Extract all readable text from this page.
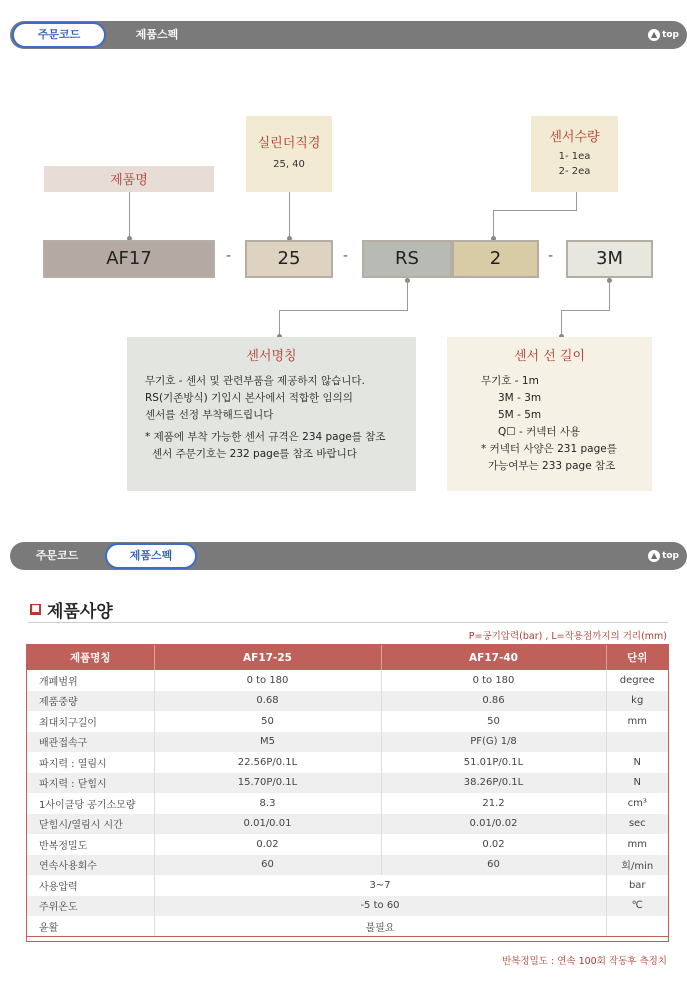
주문코드	제품스펙	▲ top
제품명
실린더직경
25, 40
센서수량
1- 1ea
2- 2ea
AF17	-	25	-	RS	2	-	3M
센서명칭
무기호 - 센서 및 관련부품을 제공하지 않습니다.
RS(기존방식) 기입시 본사에서 적합한 임의의
센서를 선정 부착해드립니다
* 제품에 부착 가능한 센서 규격은 234 page를 참조
센서 주문기호는 232 page를 참조 바랍니다
센서 선 길이
무기호 - 1m
3M - 3m
5M - 5m
Q☐ - 커넥터 사용
* 커넥터 사양은 231 page를
가능여부는 233 page 참조
주문코드	제품스펙	▲ top
■ 제품사양
P=공기압력(bar) , L=작용점까지의 거리(mm)
제품명칭	AF17-25	AF17-40	단위
개폐범위	0 to 180	0 to 180	degree
제품중량	0.68	0.86	kg
최대치구길이	50	50	mm
배관접속구	M5	PF(G) 1/8	
파지력 : 열림시	22.56P/0.1L	51.01P/0.1L	N
파지력 : 닫힘시	15.70P/0.1L	38.26P/0.1L	N
1사이클당 공기소모량	8.3	21.2	cm³
닫힘시/열림시 시간	0.01/0.01	0.01/0.02	sec
반복정밀도	0.02	0.02	mm
연속사용회수	60	60	회/min
사용압력	3~7		bar
주위온도	-5 to 60		℃
윤활	불필요		
반복정밀도 : 연속 100회 작동후 측정치
